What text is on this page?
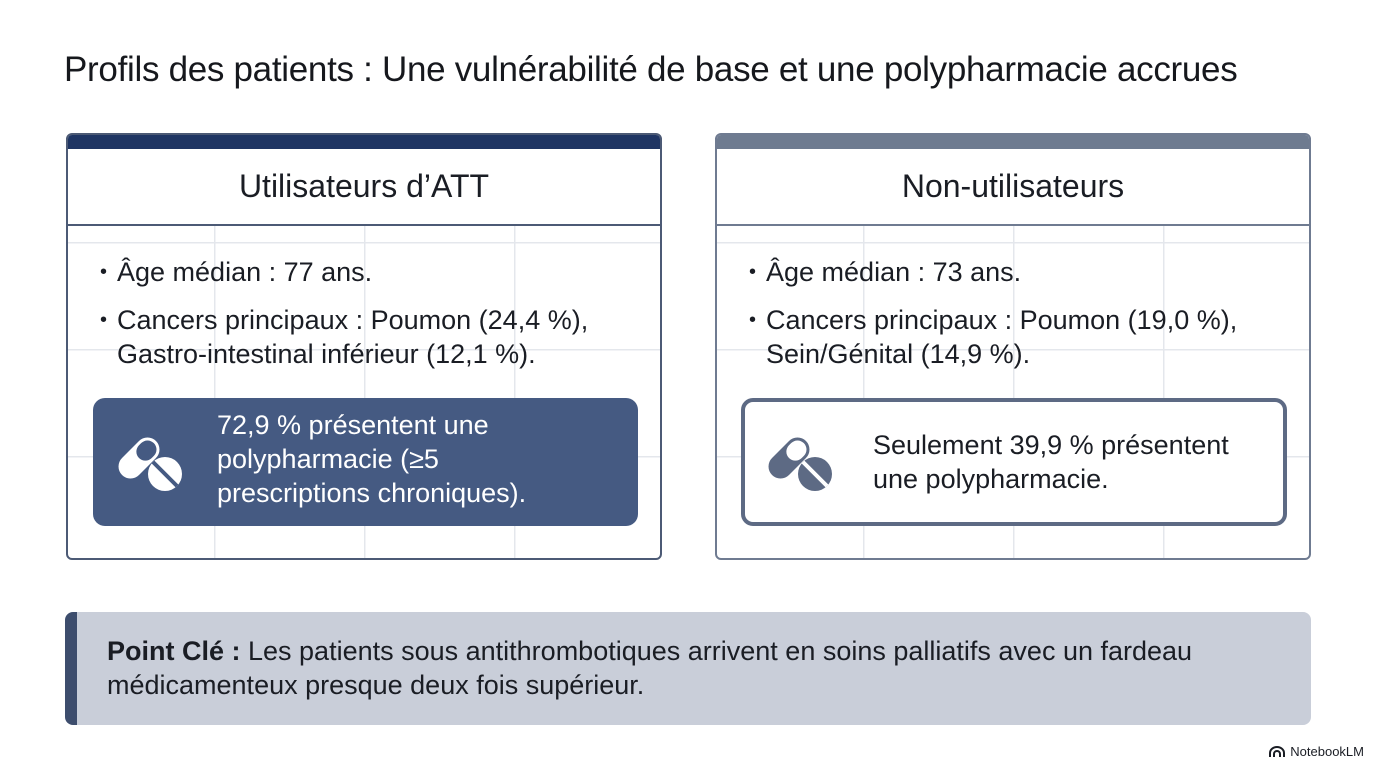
Profils des patients : Une vulnérabilité de base et une polypharmacie accrues
Utilisateurs d’ATT
• Âge médian : 77 ans.
• Cancers principaux : Poumon (24,4 %), Gastro-intestinal inférieur (12,1 %).
72,9 % présentent une polypharmacie (≥5 prescriptions chroniques).
Non-utilisateurs
• Âge médian : 73 ans.
• Cancers principaux : Poumon (19,0 %), Sein/Génital (14,9 %).
Seulement 39,9 % présentent une polypharmacie.
Point Clé : Les patients sous antithrombotiques arrivent en soins palliatifs avec un fardeau médicamenteux presque deux fois supérieur.
NotebookLM
